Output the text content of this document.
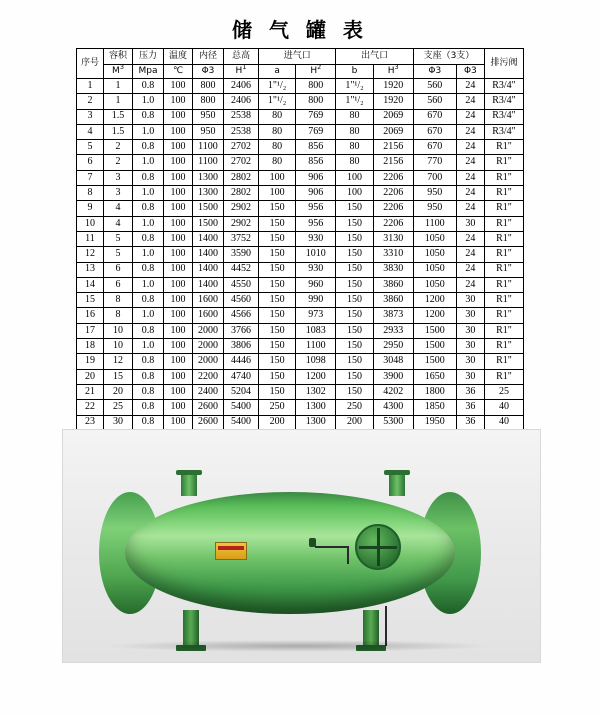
储 气 罐 表
序号	容积	压力	温度	内径	总高	进气口		出气口		支座（3支）		排污阀
	$M^3$	Mpa	℃	Φ3	$H^1$	a	$H^2$	b	$H^3$	Φ3	Φ3	
1	1	0.8	100	800	2406	1"¹/₂	800	1"¹/₂	1920	560	24	R3/4"
2	1	1.0	100	800	2406	1"¹/₂	800	1"¹/₂	1920	560	24	R3/4"
3	1.5	0.8	100	950	2538	80	769	80	2069	670	24	R3/4"
4	1.5	1.0	100	950	2538	80	769	80	2069	670	24	R3/4"
5	2	0.8	100	1100	2702	80	856	80	2156	670	24	R1"
6	2	1.0	100	1100	2702	80	856	80	2156	770	24	R1"
7	3	0.8	100	1300	2802	100	906	100	2206	700	24	R1"
8	3	1.0	100	1300	2802	100	906	100	2206	950	24	R1"
9	4	0.8	100	1500	2902	150	956	150	2206	950	24	R1"
10	4	1.0	100	1500	2902	150	956	150	2206	1100	30	R1"
11	5	0.8	100	1400	3752	150	930	150	3130	1050	24	R1"
12	5	1.0	100	1400	3590	150	1010	150	3310	1050	24	R1"
13	6	0.8	100	1400	4452	150	930	150	3830	1050	24	R1"
14	6	1.0	100	1400	4550	150	960	150	3860	1050	24	R1"
15	8	0.8	100	1600	4560	150	990	150	3860	1200	30	R1"
16	8	1.0	100	1600	4566	150	973	150	3873	1200	30	R1"
17	10	0.8	100	2000	3766	150	1083	150	2933	1500	30	R1"
18	10	1.0	100	2000	3806	150	1100	150	2950	1500	30	R1"
19	12	0.8	100	2000	4446	150	1098	150	3048	1500	30	R1"
20	15	0.8	100	2200	4740	150	1200	150	3900	1650	30	R1"
21	20	0.8	100	2400	5204	150	1302	150	4202	1800	36	25
22	25	0.8	100	2600	5400	250	1300	250	4300	1850	36	40
23	30	0.8	100	2600	5400	200	1300	200	5300	1950	36	40
